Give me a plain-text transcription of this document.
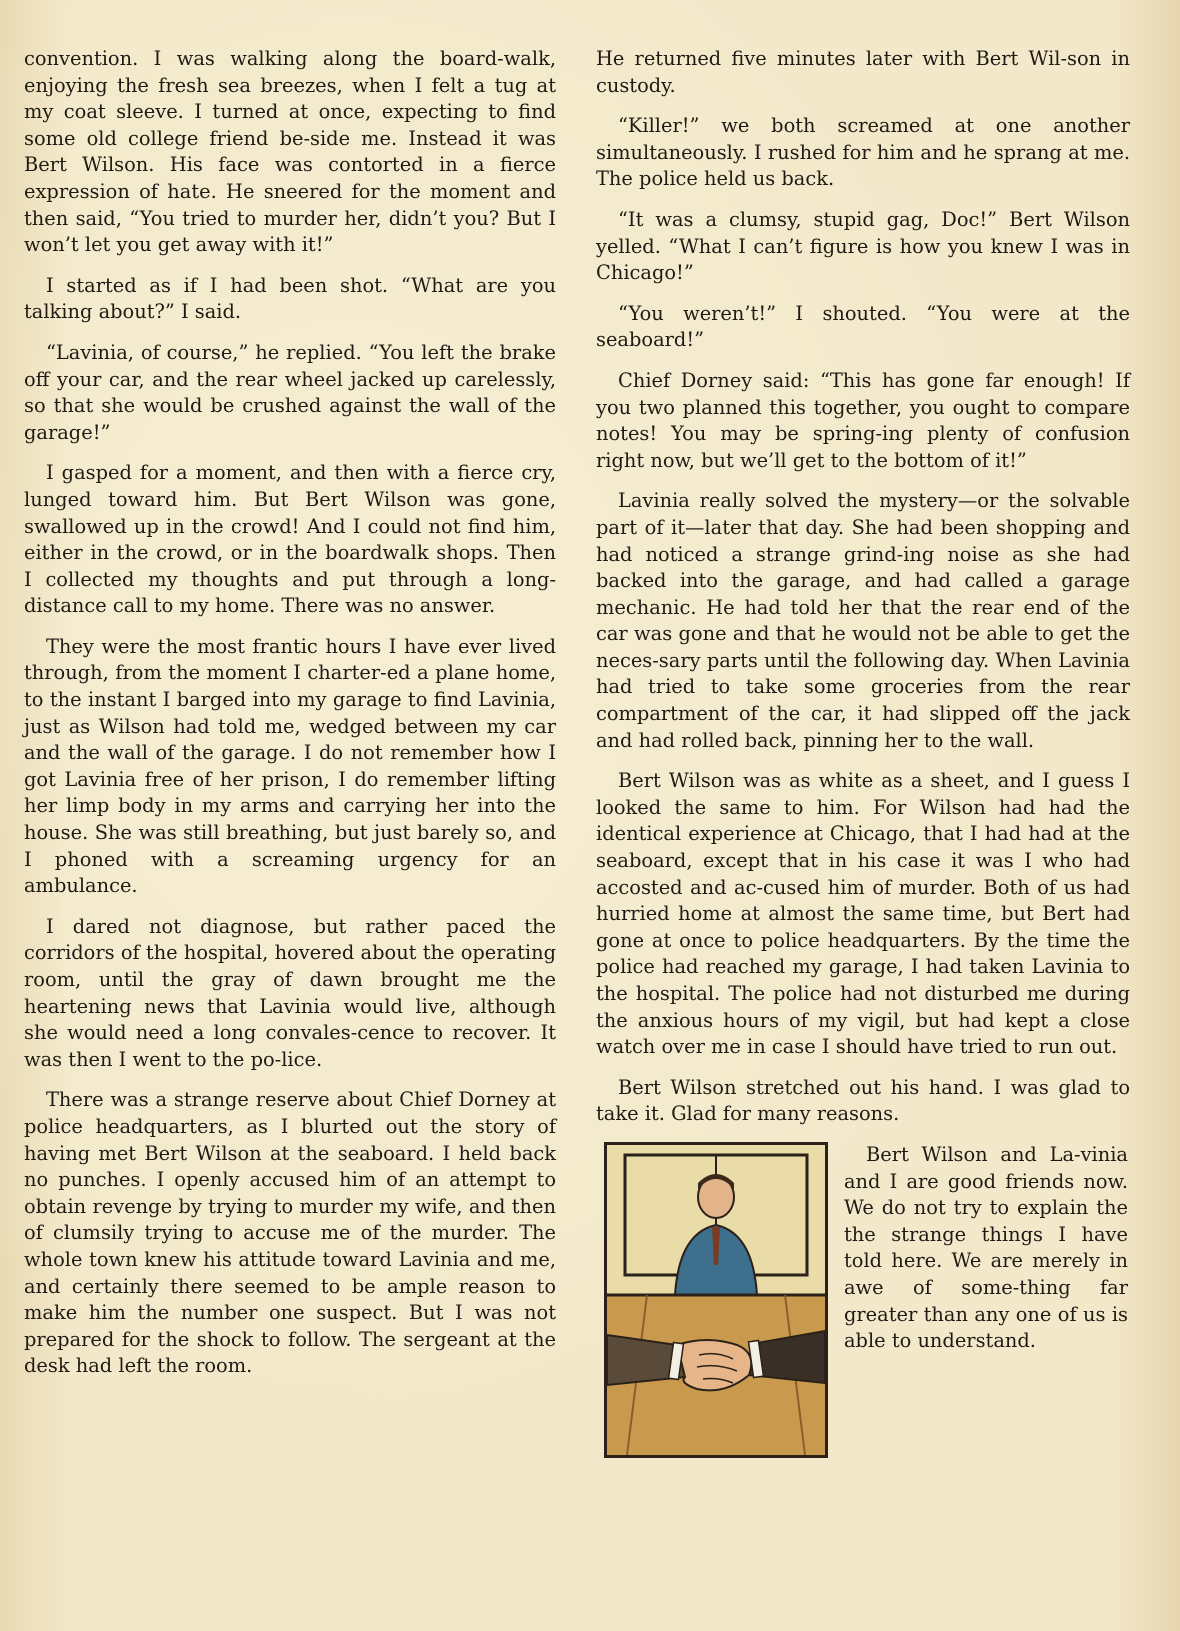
convention. I was walking along the board-walk, enjoying the fresh sea breezes, when I felt a tug at my coat sleeve. I turned at once, expecting to find some old college friend be-side me. Instead it was Bert Wilson. His face was contorted in a fierce expression of hate. He sneered for the moment and then said, “You tried to murder her, didn’t you? But I won’t let you get away with it!”

I started as if I had been shot. “What are you talking about?” I said.

“Lavinia, of course,” he replied. “You left the brake off your car, and the rear wheel jacked up carelessly, so that she would be crushed against the wall of the garage!”

I gasped for a moment, and then with a fierce cry, lunged toward him. But Bert Wilson was gone, swallowed up in the crowd! And I could not find him, either in the crowd, or in the boardwalk shops. Then I collected my thoughts and put through a long-distance call to my home. There was no answer.

They were the most frantic hours I have ever lived through, from the moment I charter-ed a plane home, to the instant I barged into my garage to find Lavinia, just as Wilson had told me, wedged between my car and the wall of the garage. I do not remember how I got Lavinia free of her prison, I do remember lifting her limp body in my arms and carrying her into the house. She was still breathing, but just barely so, and I phoned with a screaming urgency for an ambulance.

I dared not diagnose, but rather paced the corridors of the hospital, hovered about the operating room, until the gray of dawn brought me the heartening news that Lavinia would live, although she would need a long convales-cence to recover. It was then I went to the po-lice.

There was a strange reserve about Chief Dorney at police headquarters, as I blurted out the story of having met Bert Wilson at the seaboard. I held back no punches. I openly accused him of an attempt to obtain revenge by trying to murder my wife, and then of clumsily trying to accuse me of the murder. The whole town knew his attitude toward Lavinia and me, and certainly there seemed to be ample reason to make him the number one suspect. But I was not prepared for the shock to follow. The sergeant at the desk had left the room.

He returned five minutes later with Bert Wil-son in custody.

“Killer!” we both screamed at one another simultaneously. I rushed for him and he sprang at me. The police held us back.

“It was a clumsy, stupid gag, Doc!” Bert Wilson yelled. “What I can’t figure is how you knew I was in Chicago!”

“You weren’t!” I shouted. “You were at the seaboard!”

Chief Dorney said: “This has gone far enough! If you two planned this together, you ought to compare notes! You may be spring-ing plenty of confusion right now, but we’ll get to the bottom of it!”

Lavinia really solved the mystery—or the solvable part of it—later that day. She had been shopping and had noticed a strange grind-ing noise as she had backed into the garage, and had called a garage mechanic. He had told her that the rear end of the car was gone and that he would not be able to get the neces-sary parts until the following day. When Lavinia had tried to take some groceries from the rear compartment of the car, it had slipped off the jack and had rolled back, pinning her to the wall.

Bert Wilson was as white as a sheet, and I guess I looked the same to him. For Wilson had had the identical experience at Chicago, that I had had at the seaboard, except that in his case it was I who had accosted and ac-cused him of murder. Both of us had hurried home at almost the same time, but Bert had gone at once to police headquarters. By the time the police had reached my garage, I had taken Lavinia to the hospital. The police had not disturbed me during the anxious hours of my vigil, but had kept a close watch over me in case I should have tried to run out.

Bert Wilson stretched out his hand. I was glad to take it. Glad for many reasons.

Bert Wilson and La-vinia and I are good friends now. We do not try to explain the the strange things I have told here. We are merely in awe of some-thing far greater than any one of us is able to understand.
